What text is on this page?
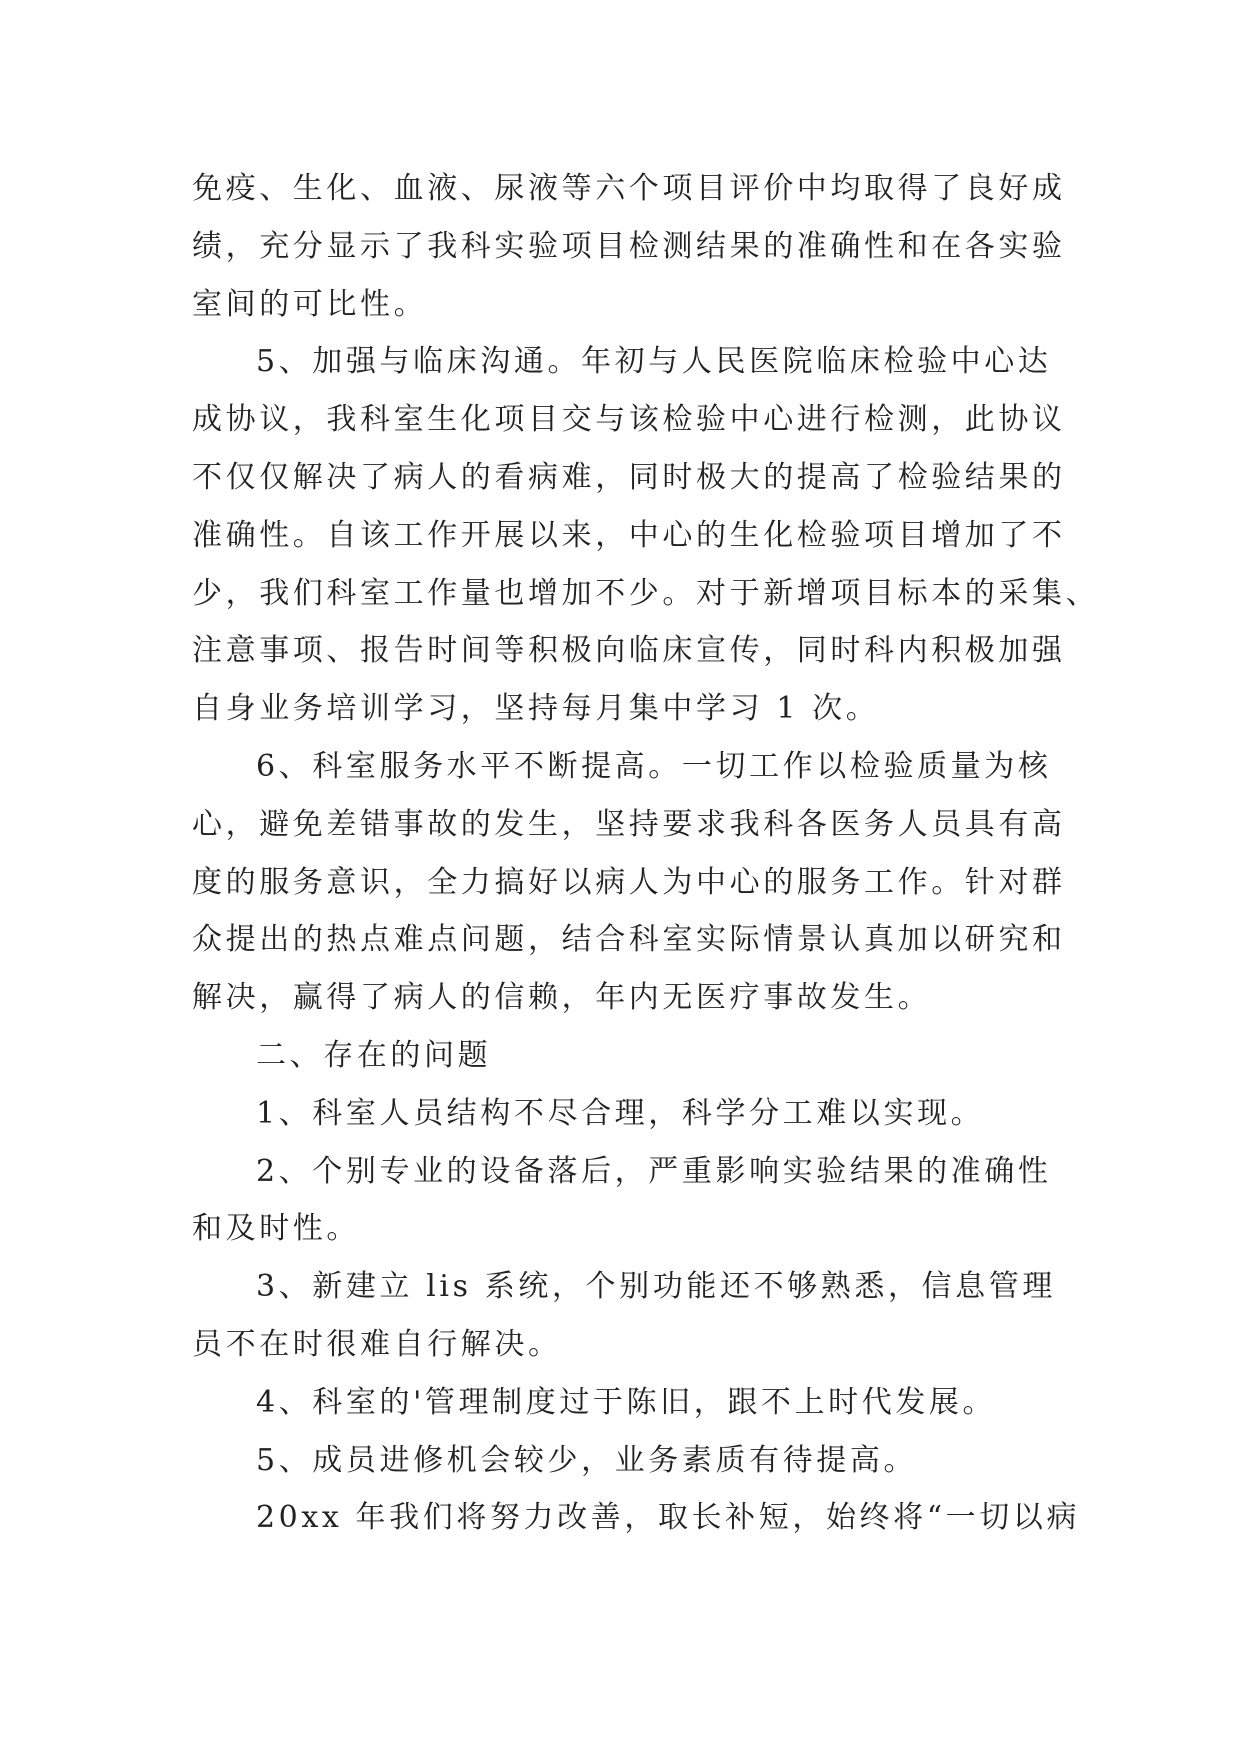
免疫、生化、血液、尿液等六个项目评价中均取得了良好成
绩，充分显示了我科实验项目检测结果的准确性和在各实验
室间的可比性。
5、加强与临床沟通。年初与人民医院临床检验中心达
成协议，我科室生化项目交与该检验中心进行检测，此协议
不仅仅解决了病人的看病难，同时极大的提高了检验结果的
准确性。自该工作开展以来，中心的生化检验项目增加了不
少，我们科室工作量也增加不少。对于新增项目标本的采集、
注意事项、报告时间等积极向临床宣传，同时科内积极加强
自身业务培训学习，坚持每月集中学习 1 次。
6、科室服务水平不断提高。一切工作以检验质量为核
心，避免差错事故的发生，坚持要求我科各医务人员具有高
度的服务意识，全力搞好以病人为中心的服务工作。针对群
众提出的热点难点问题，结合科室实际情景认真加以研究和
解决，赢得了病人的信赖，年内无医疗事故发生。
二、存在的问题
1、科室人员结构不尽合理，科学分工难以实现。
2、个别专业的设备落后，严重影响实验结果的准确性
和及时性。
3、新建立 lis 系统，个别功能还不够熟悉，信息管理
员不在时很难自行解决。
4、科室的'管理制度过于陈旧，跟不上时代发展。
5、成员进修机会较少，业务素质有待提高。
20xx 年我们将努力改善，取长补短，始终将“一切以病
